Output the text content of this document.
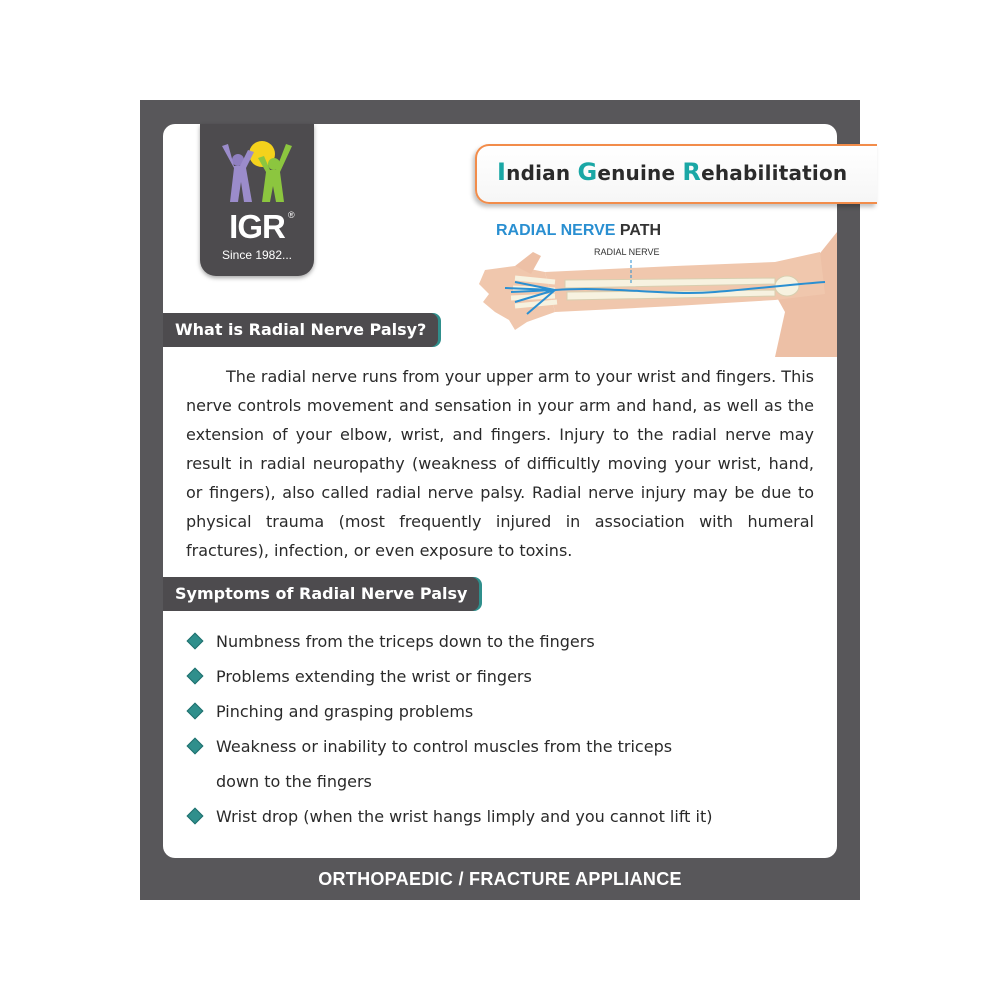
IGR ®
Since 1982...
Indian Genuine Rehabilitation
RADIAL NERVE PATH
RADIAL NERVE
What is Radial Nerve Palsy?
The radial nerve runs from your upper arm to your wrist and fingers. This nerve controls movement and sensation in your arm and hand, as well as the extension of your elbow, wrist, and fingers. Injury to the radial nerve may result in radial neuropathy (weakness of difficultly moving your wrist, hand, or fingers), also called radial nerve palsy. Radial nerve injury may be due to physical trauma (most frequently injured in association with humeral fractures), infection, or even exposure to toxins.
Symptoms of Radial Nerve Palsy
Numbness from the triceps down to the fingers
Problems extending the wrist or fingers
Pinching and grasping problems
Weakness or inability to control muscles from the triceps down to the fingers
Wrist drop (when the wrist hangs limply and you cannot lift it)
ORTHOPAEDIC / FRACTURE APPLIANCE
